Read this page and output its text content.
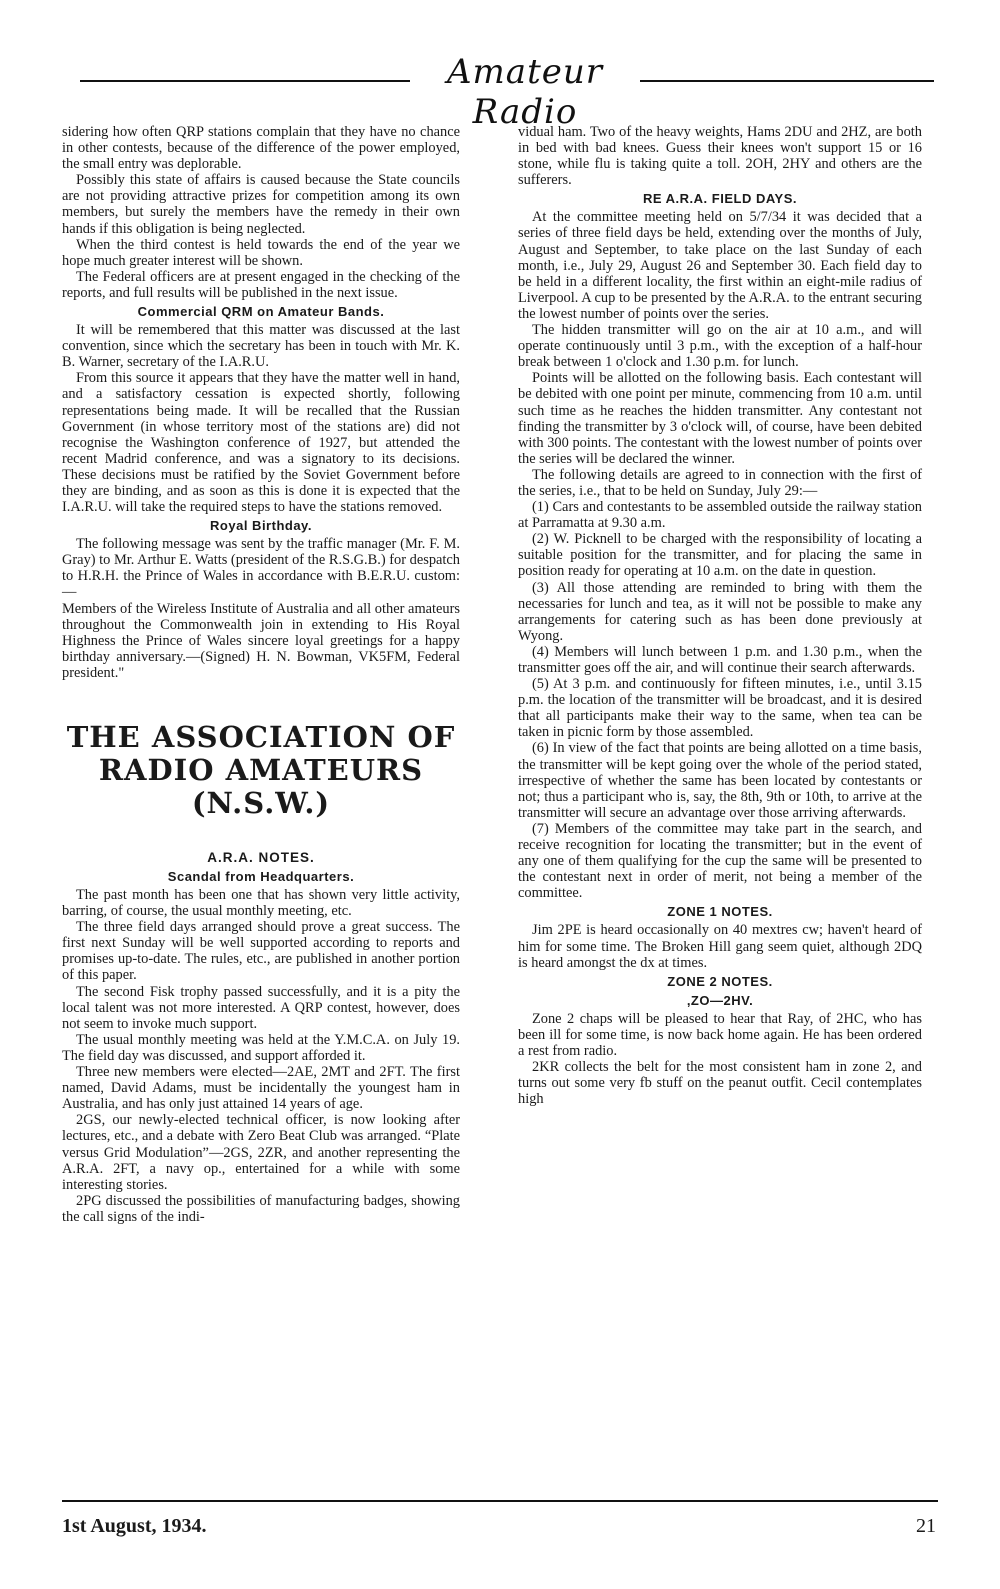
Amateur Radio

sidering how often QRP stations complain that they have no chance in other contests, because of the difference of the power employed, the small entry was deplorable.

Possibly this state of affairs is caused because the State councils are not providing attractive prizes for competition among its own members, but surely the members have the remedy in their own hands if this obligation is being neglected.

When the third contest is held towards the end of the year we hope much greater interest will be shown.

The Federal officers are at present engaged in the checking of the reports, and full results will be published in the next issue.

Commercial QRM on Amateur Bands.

It will be remembered that this matter was discussed at the last convention, since which the secretary has been in touch with Mr. K. B. Warner, secretary of the I.A.R.U.

From this source it appears that they have the matter well in hand, and a satisfactory cessation is expected shortly, following representations being made. It will be recalled that the Russian Government (in whose territory most of the stations are) did not recognise the Washington conference of 1927, but attended the recent Madrid conference, and was a signatory to its decisions. These decisions must be ratified by the Soviet Government before they are binding, and as soon as this is done it is expected that the I.A.R.U. will take the required steps to have the stations removed.

Royal Birthday.

The following message was sent by the traffic manager (Mr. F. M. Gray) to Mr. Arthur E. Watts (president of the R.S.G.B.) for despatch to H.R.H. the Prince of Wales in accordance with B.E.R.U. custom:—

Members of the Wireless Institute of Australia and all other amateurs throughout the Commonwealth join in extending to His Royal Highness the Prince of Wales sincere loyal greetings for a happy birthday anniversary.—(Signed) H. N. Bowman, VK5FM, Federal president."

THE ASSOCIATION OF
RADIO AMATEURS
(N.S.W.)
A.R.A. NOTES.
Scandal from Headquarters.

The past month has been one that has shown very little activity, barring, of course, the usual monthly meeting, etc.

The three field days arranged should prove a great success. The first next Sunday will be well supported according to reports and promises up-to-date. The rules, etc., are published in another portion of this paper.

The second Fisk trophy passed successfully, and it is a pity the local talent was not more interested. A QRP contest, however, does not seem to invoke much support.

The usual monthly meeting was held at the Y.M.C.A. on July 19. The field day was discussed, and support afforded it.

Three new members were elected—2AE, 2MT and 2FT. The first named, David Adams, must be incidentally the youngest ham in Australia, and has only just attained 14 years of age.

2GS, our newly-elected technical officer, is now looking after lectures, etc., and a debate with Zero Beat Club was arranged. “Plate versus Grid Modulation”—2GS, 2ZR, and another representing the A.R.A. 2FT, a navy op., entertained for a while with some interesting stories.

2PG discussed the possibilities of manufacturing badges, showing the call signs of the indi-

vidual ham. Two of the heavy weights, Hams 2DU and 2HZ, are both in bed with bad knees. Guess their knees won't support 15 or 16 stone, while flu is taking quite a toll. 2OH, 2HY and others are the sufferers.

RE A.R.A. FIELD DAYS.

At the committee meeting held on 5/7/34 it was decided that a series of three field days be held, extending over the months of July, August and September, to take place on the last Sunday of each month, i.e., July 29, August 26 and September 30. Each field day to be held in a different locality, the first within an eight-mile radius of Liverpool. A cup to be presented by the A.R.A. to the entrant securing the lowest number of points over the series.

The hidden transmitter will go on the air at 10 a.m., and will operate continuously until 3 p.m., with the exception of a half-hour break between 1 o'clock and 1.30 p.m. for lunch.

Points will be allotted on the following basis. Each contestant will be debited with one point per minute, commencing from 10 a.m. until such time as he reaches the hidden transmitter. Any contestant not finding the transmitter by 3 o'clock will, of course, have been debited with 300 points. The contestant with the lowest number of points over the series will be declared the winner.

The following details are agreed to in connection with the first of the series, i.e., that to be held on Sunday, July 29:—

(1) Cars and contestants to be assembled outside the railway station at Parramatta at 9.30 a.m.

(2) W. Picknell to be charged with the responsibility of locating a suitable position for the transmitter, and for placing the same in position ready for operating at 10 a.m. on the date in question.

(3) All those attending are reminded to bring with them the necessaries for lunch and tea, as it will not be possible to make any arrangements for catering such as has been done previously at Wyong.

(4) Members will lunch between 1 p.m. and 1.30 p.m., when the transmitter goes off the air, and will continue their search afterwards.

(5) At 3 p.m. and continuously for fifteen minutes, i.e., until 3.15 p.m. the location of the transmitter will be broadcast, and it is desired that all participants make their way to the same, when tea can be taken in picnic form by those assembled.

(6) In view of the fact that points are being allotted on a time basis, the transmitter will be kept going over the whole of the period stated, irrespective of whether the same has been located by contestants or not; thus a participant who is, say, the 8th, 9th or 10th, to arrive at the transmitter will secure an advantage over those arriving afterwards.

(7) Members of the committee may take part in the search, and receive recognition for locating the transmitter; but in the event of any one of them qualifying for the cup the same will be presented to the contestant next in order of merit, not being a member of the committee.

ZONE 1 NOTES.

Jim 2PE is heard occasionally on 40 mextres cw; haven't heard of him for some time. The Broken Hill gang seem quiet, although 2DQ is heard amongst the dx at times.

ZONE 2 NOTES.
,ZO—2HV.

Zone 2 chaps will be pleased to hear that Ray, of 2HC, who has been ill for some time, is now back home again. He has been ordered a rest from radio.

2KR collects the belt for the most consistent ham in zone 2, and turns out some very fb stuff on the peanut outfit. Cecil contemplates high

1st August, 1934.	21
